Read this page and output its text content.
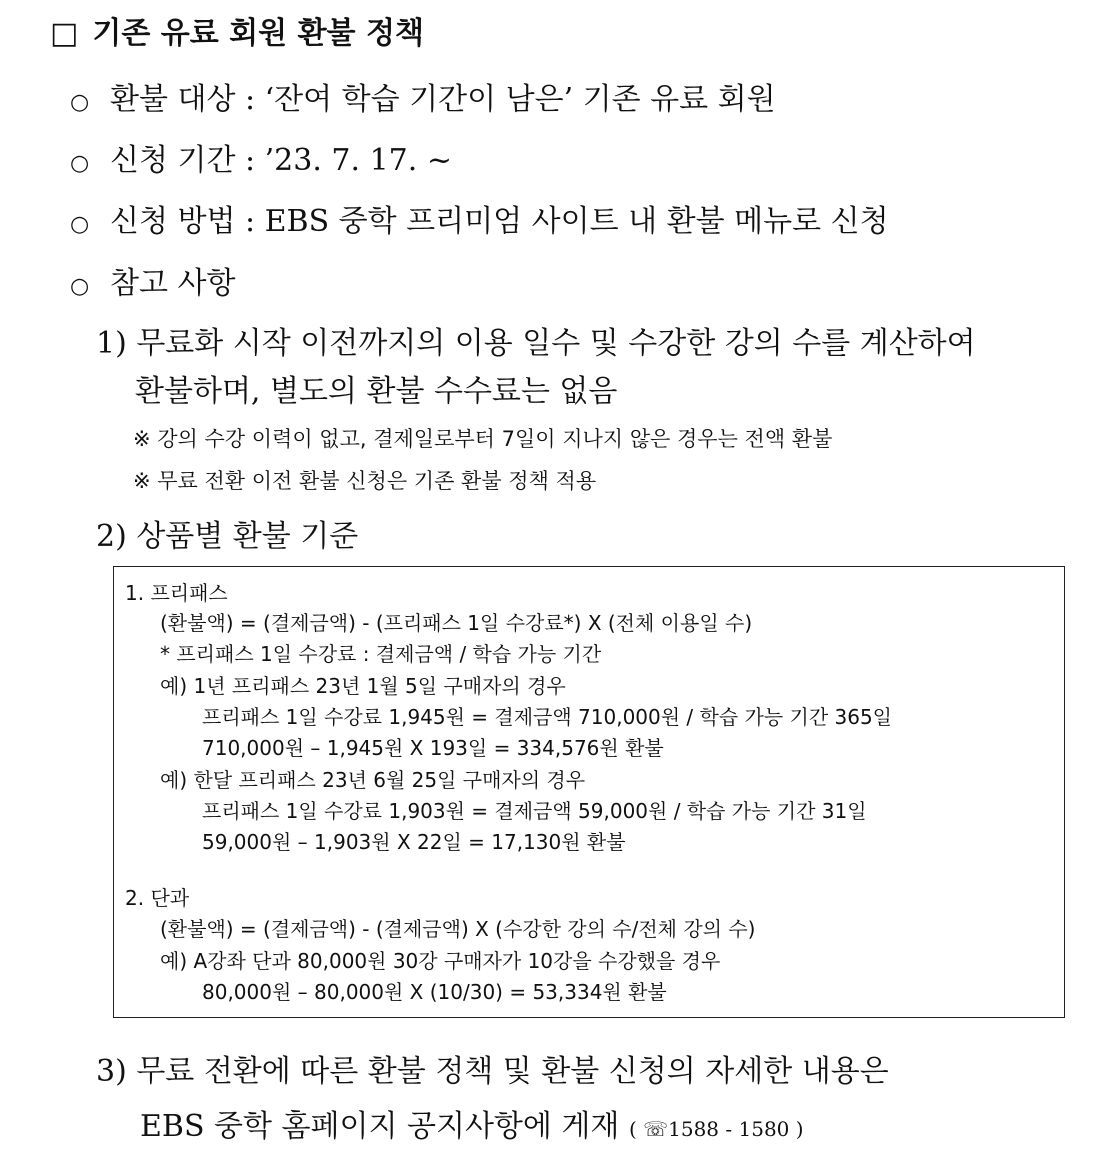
□ 기존 유료 회원 환불 정책
○ 환불 대상 : ‘잔여 학습 기간이 남은’ 기존 유료 회원
○ 신청 기간 : ’23. 7. 17. ~
○ 신청 방법 : EBS 중학 프리미엄 사이트 내 환불 메뉴로 신청
○ 참고 사항
1) 무료화 시작 이전까지의 이용 일수 및 수강한 강의 수를 계산하여
환불하며, 별도의 환불 수수료는 없음
※ 강의 수강 이력이 없고, 결제일로부터 7일이 지나지 않은 경우는 전액 환불
※ 무료 전환 이전 환불 신청은 기존 환불 정책 적용
2) 상품별 환불 기준
1. 프리패스
(환불액) = (결제금액) - (프리패스 1일 수강료*) X (전체 이용일 수)
* 프리패스 1일 수강료 : 결제금액 / 학습 가능 기간
예) 1년 프리패스 23년 1월 5일 구매자의 경우
프리패스 1일 수강료 1,945원 = 결제금액 710,000원 / 학습 가능 기간 365일
710,000원 – 1,945원 X 193일 = 334,576원 환불
예) 한달 프리패스 23년 6월 25일 구매자의 경우
프리패스 1일 수강료 1,903원 = 결제금액 59,000원 / 학습 가능 기간 31일
59,000원 – 1,903원 X 22일 = 17,130원 환불
2. 단과
(환불액) = (결제금액) - (결제금액) X (수강한 강의 수/전체 강의 수)
예) A강좌 단과 80,000원 30강 구매자가 10강을 수강했을 경우
80,000원 – 80,000원 X (10/30) = 53,334원 환불
3) 무료 전환에 따른 환불 정책 및 환불 신청의 자세한 내용은
EBS 중학 홈페이지 공지사항에 게재 ( ☏1588 - 1580 )
